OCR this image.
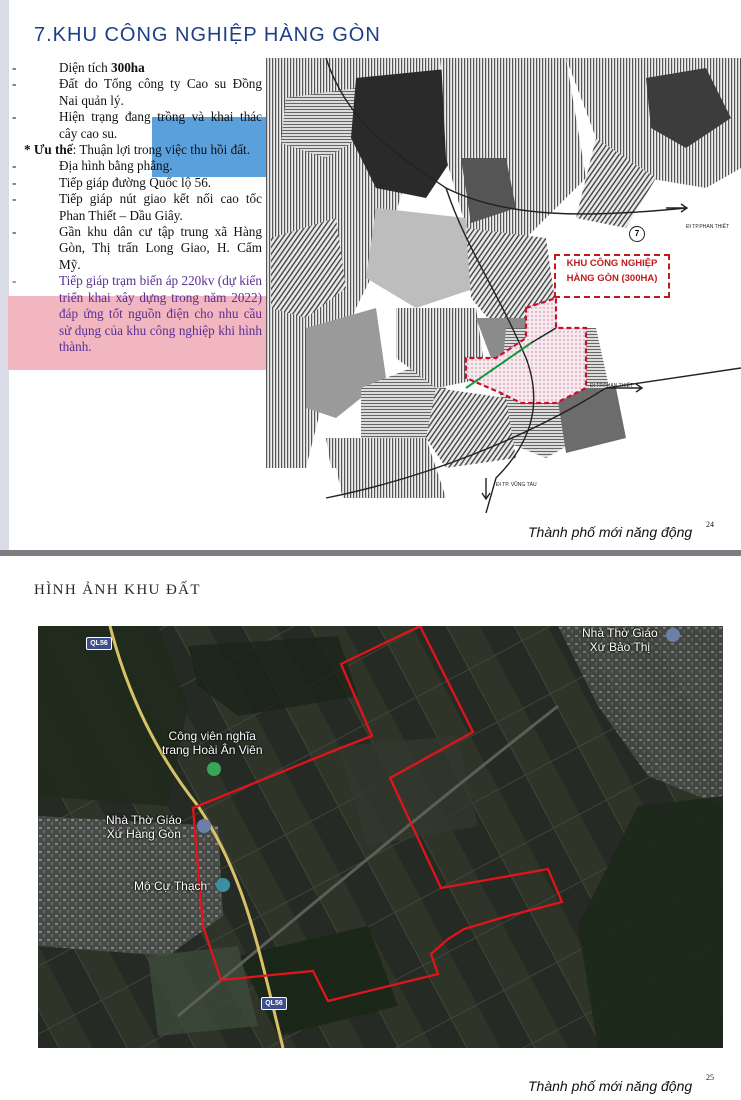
7.KHU CÔNG NGHIỆP HÀNG GÒN
-	Diện tích 300ha
-	Đất do Tổng công ty Cao su Đồng Nai quản lý.
-	Hiện trạng đang trồng và khai thác cây cao su.
* Ưu thế: Thuận lợi trong việc thu hồi đất.
-	Địa hình bằng phẳng.
-	Tiếp giáp đường Quốc lộ 56.
-	Tiếp giáp nút giao kết nối cao tốc Phan Thiết – Dầu Giây.
-	Gần khu dân cư tập trung xã Hàng Gòn, Thị trấn Long Giao, H. Cẩm Mỹ.
-	Tiếp giáp trạm biến áp 220kv (dự kiến triển khai xây dựng trong năm 2022) đáp ứng tốt nguồn điện cho nhu cầu sử dụng của khu công nghiệp khi hình thành.
KHU CÔNG NGHIỆP
HÀNG GÒN (300HA)
7
ĐI TP.PHAN THIẾT
ĐI TP.PHAN THIẾT
ĐI TP. VŨNG TÀU
Thành phố mới năng động 24
HÌNH ẢNH KHU ĐẤT
QL56
QL56
Công viên nghĩa
trang Hoài Ân Viên
Nhà Thờ Giáo
Xứ Hàng Gòn
Mộ Cự Thạch
Nhà Thờ Giáo
Xứ Bảo Thị
Thành phố mới năng động
25
